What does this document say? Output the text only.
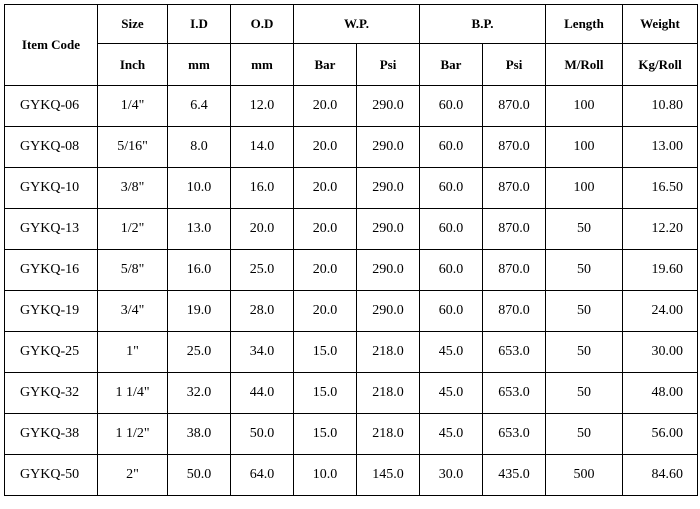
Item Code	Size	I.D	O.D	W.P.		B.P.		Length	Weight
	Inch	mm	mm	Bar	Psi	Bar	Psi	M/Roll	Kg/Roll
GYKQ-06	1/4"	6.4	12.0	20.0	290.0	60.0	870.0	100	10.80
GYKQ-08	5/16"	8.0	14.0	20.0	290.0	60.0	870.0	100	13.00
GYKQ-10	3/8"	10.0	16.0	20.0	290.0	60.0	870.0	100	16.50
GYKQ-13	1/2"	13.0	20.0	20.0	290.0	60.0	870.0	50	12.20
GYKQ-16	5/8"	16.0	25.0	20.0	290.0	60.0	870.0	50	19.60
GYKQ-19	3/4"	19.0	28.0	20.0	290.0	60.0	870.0	50	24.00
GYKQ-25	1"	25.0	34.0	15.0	218.0	45.0	653.0	50	30.00
GYKQ-32	1 1/4"	32.0	44.0	15.0	218.0	45.0	653.0	50	48.00
GYKQ-38	1 1/2"	38.0	50.0	15.0	218.0	45.0	653.0	50	56.00
GYKQ-50	2"	50.0	64.0	10.0	145.0	30.0	435.0	500	84.60
